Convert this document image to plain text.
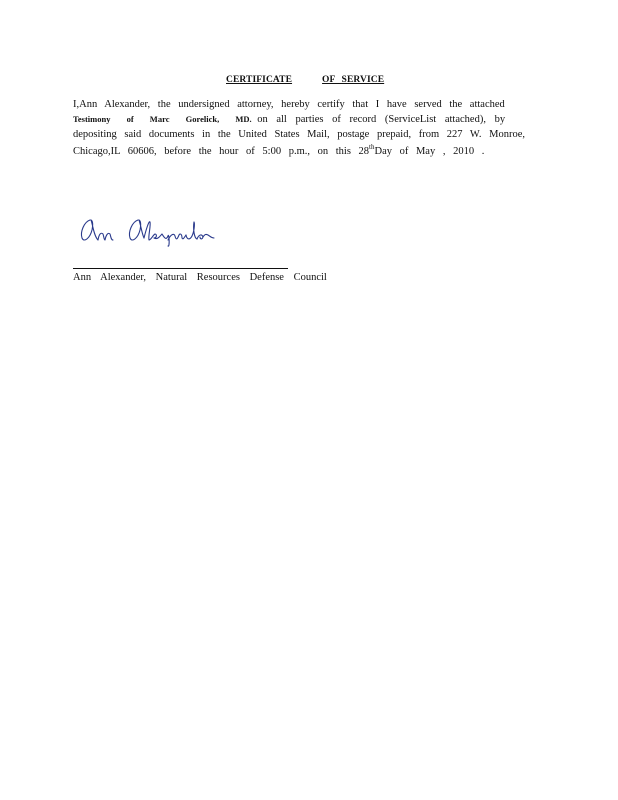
CERTIFICATE	OF SERVICE
I,Ann Alexander, the undersigned attorney, hereby certify that I have served the attached
Testimony of Marc Gorelick, MD. on all parties of record (ServiceList attached), by
depositing said documents in the United States Mail, postage prepaid, from 227 W. Monroe,
Chicago,IL 60606, before the hour of 5:00 p.m., on this 28thDay of May , 2010 .
Ann Alexander, Natural Resources Defense Council
